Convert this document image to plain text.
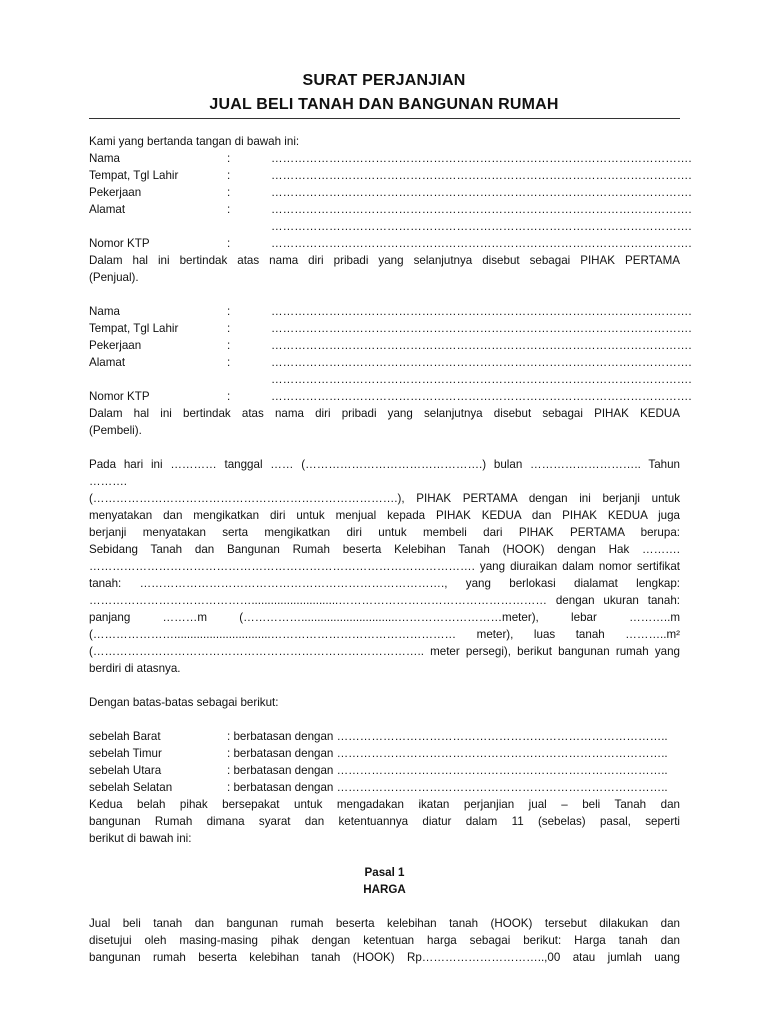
SURAT PERJANJIAN
JUAL BELI TANAH DAN BANGUNAN RUMAH
Kami yang bertanda tangan di bawah ini:
Nama	:	……………………………………………………………………………………………….
Tempat, Tgl Lahir	:	……………………………………………………………………………………………….
Pekerjaan	:	……………………………………………………………………………………………….
Alamat	:	……………………………………………………………………………………………….
……………………………………………………………………………………………….
Nomor KTP	:	……………………………………………………………………………………………….

Dalam hal ini bertindak atas nama diri pribadi yang selanjutnya disebut sebagai PIHAK PERTAMA

(Penjual).

Nama	:	……………………………………………………………………………………………….
Tempat, Tgl Lahir	:	……………………………………………………………………………………………….
Pekerjaan	:	……………………………………………………………………………………………….
Alamat	:	……………………………………………………………………………………………….
……………………………………………………………………………………………….
Nomor KTP	:	……………………………………………………………………………………………….

Dalam hal ini bertindak atas nama diri pribadi yang selanjutnya disebut sebagai PIHAK KEDUA

(Pembeli).

Pada hari ini ………… tanggal …… (……………………………………….) bulan ……………………….. Tahun ……….

(…………………………………………………………………….), PIHAK PERTAMA dengan ini berjanji untuk

menyatakan dan mengikatkan diri untuk menjual kepada PIHAK KEDUA dan PIHAK KEDUA juga

berjanji menyatakan serta mengikatkan diri untuk membeli dari PIHAK PERTAMA berupa:

Sebidang Tanah dan Bangunan Rumah beserta Kelebihan Tanah (HOOK) dengan Hak ……….

………………………………………………………………………………………. yang diuraikan dalam nomor sertifikat

tanah: ……………………………………………………………………., yang berlokasi dialamat lengkap:

……………………………………...........................……………………………………………… dengan ukuran tanah:

panjang ………m (……………..............................………………………meter), lebar ………..m

(…………………..............................………………………………………… meter), luas tanah ………..m²

(………………………………………………………………………….. meter persegi), berikut bangunan rumah yang

berdiri di atasnya.

Dengan batas-batas sebagai berikut:

sebelah Barat	: berbatasan dengan …………………………………………………………………………..
sebelah Timur	: berbatasan dengan …………………………………………………………………………..
sebelah Utara	: berbatasan dengan …………………………………………………………………………..
sebelah Selatan	: berbatasan dengan …………………………………………………………………………..

Kedua belah pihak bersepakat untuk mengadakan ikatan perjanjian jual – beli Tanah dan

bangunan Rumah dimana syarat dan ketentuannya diatur dalam 11 (sebelas) pasal, seperti

berikut di bawah ini:

Pasal 1

HARGA

Jual beli tanah dan bangunan rumah beserta kelebihan tanah (HOOK) tersebut dilakukan dan

disetujui oleh masing-masing pihak dengan ketentuan harga sebagai berikut: Harga tanah dan

bangunan rumah beserta kelebihan tanah (HOOK) Rp…………………………..,00 atau jumlah uang
